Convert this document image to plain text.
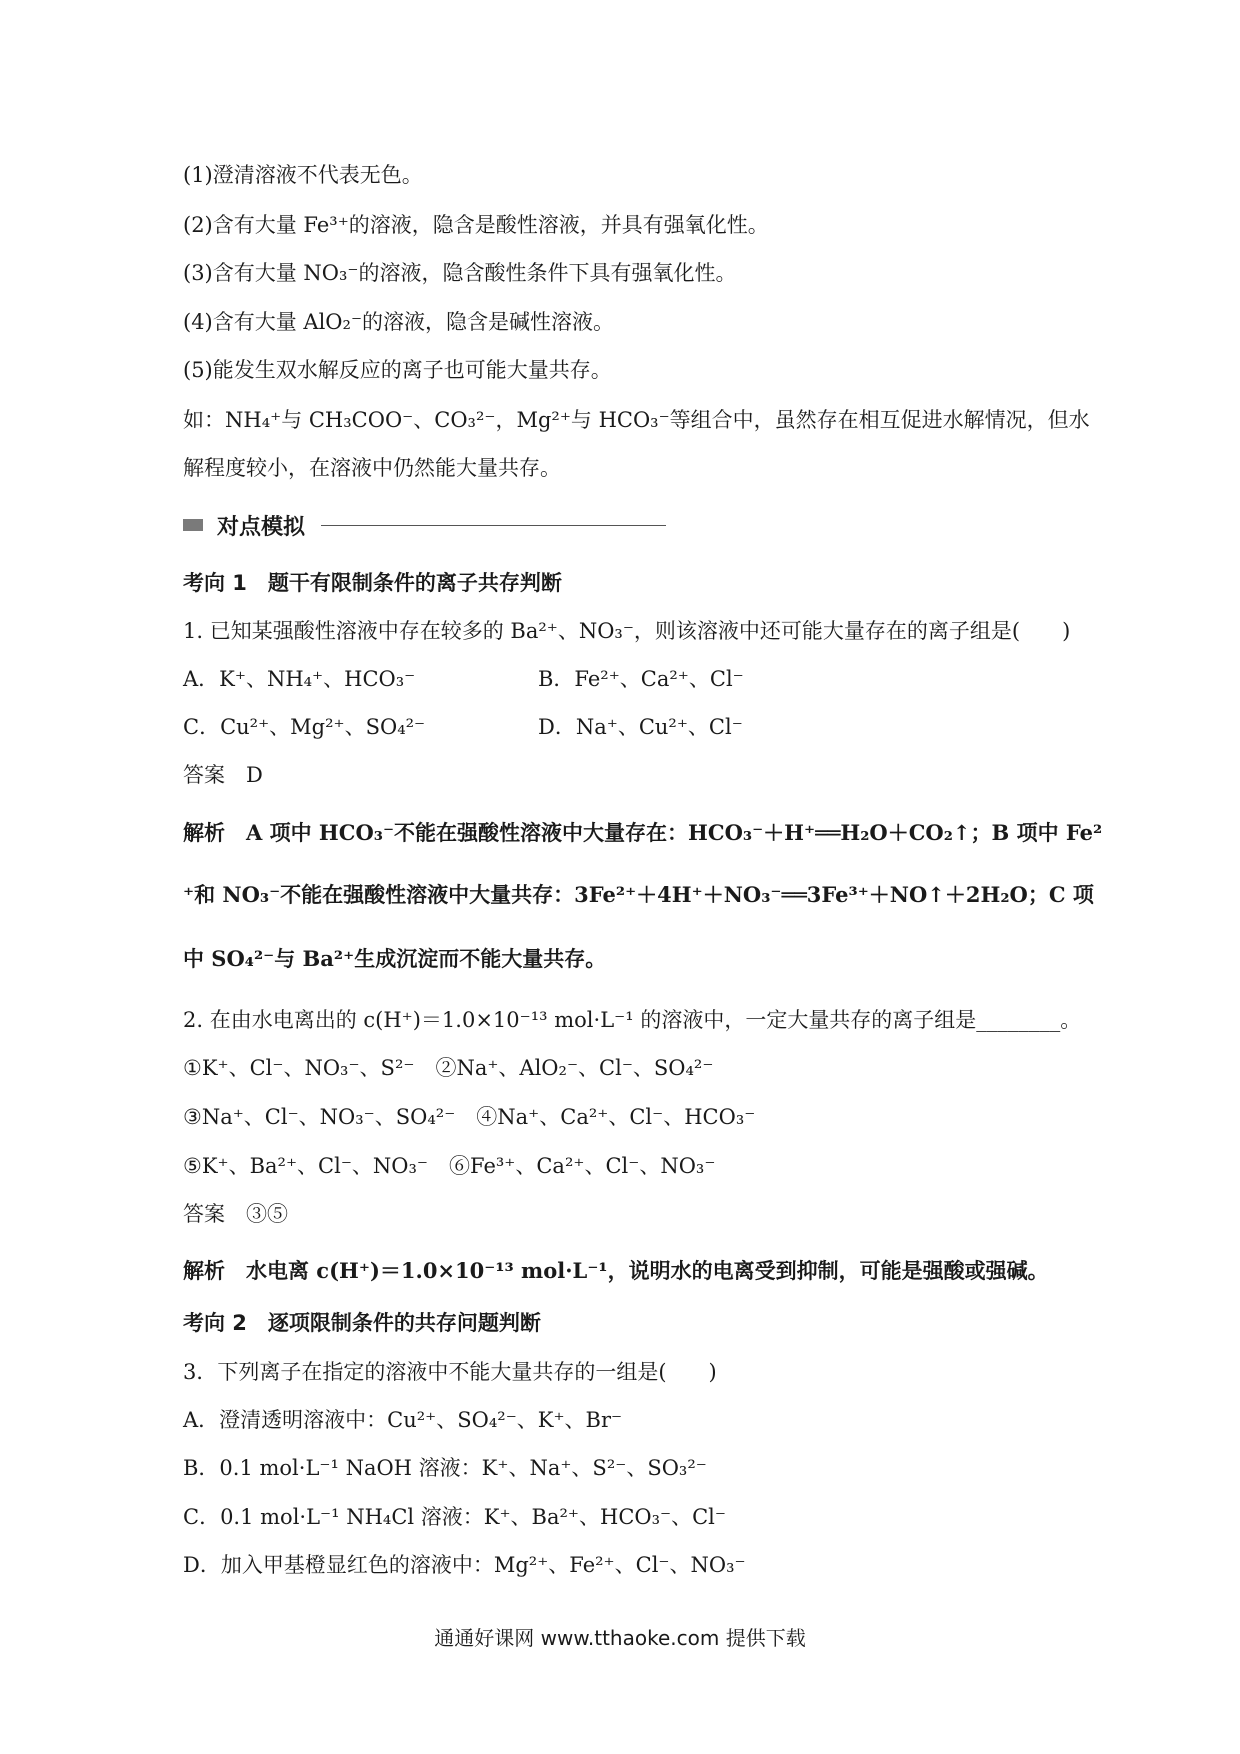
(1)澄清溶液不代表无色。
(2)含有大量 Fe³⁺的溶液，隐含是酸性溶液，并具有强氧化性。
(3)含有大量 NO₃⁻的溶液，隐含酸性条件下具有强氧化性。
(4)含有大量 AlO₂⁻的溶液，隐含是碱性溶液。
(5)能发生双水解反应的离子也可能大量共存。
如：NH₄⁺与 CH₃COO⁻、CO₃²⁻，Mg²⁺与 HCO₃⁻等组合中，虽然存在相互促进水解情况，但水
解程度较小，在溶液中仍然能大量共存。
对点模拟
考向 1　题干有限制条件的离子共存判断
1. 已知某强酸性溶液中存在较多的 Ba²⁺、NO₃⁻，则该溶液中还可能大量存在的离子组是(　　)
A．K⁺、NH₄⁺、HCO₃⁻	B．Fe²⁺、Ca²⁺、Cl⁻
C．Cu²⁺、Mg²⁺、SO₄²⁻	D．Na⁺、Cu²⁺、Cl⁻
答案　D
解析　A 项中 HCO₃⁻不能在强酸性溶液中大量存在：HCO₃⁻＋H⁺══H₂O＋CO₂↑；B 项中 Fe²
⁺和 NO₃⁻不能在强酸性溶液中大量共存：3Fe²⁺＋4H⁺＋NO₃⁻══3Fe³⁺＋NO↑＋2H₂O；C 项
中 SO₄²⁻与 Ba²⁺生成沉淀而不能大量共存。
2. 在由水电离出的 c(H⁺)＝1.0×10⁻¹³ mol·L⁻¹ 的溶液中，一定大量共存的离子组是________。
①K⁺、Cl⁻、NO₃⁻、S²⁻　②Na⁺、AlO₂⁻、Cl⁻、SO₄²⁻
③Na⁺、Cl⁻、NO₃⁻、SO₄²⁻　④Na⁺、Ca²⁺、Cl⁻、HCO₃⁻
⑤K⁺、Ba²⁺、Cl⁻、NO₃⁻　⑥Fe³⁺、Ca²⁺、Cl⁻、NO₃⁻
答案　③⑤
解析　水电离 c(H⁺)＝1.0×10⁻¹³ mol·L⁻¹，说明水的电离受到抑制，可能是强酸或强碱。
考向 2　逐项限制条件的共存问题判断
3．下列离子在指定的溶液中不能大量共存的一组是(　　)
A．澄清透明溶液中：Cu²⁺、SO₄²⁻、K⁺、Br⁻
B．0.1 mol·L⁻¹ NaOH 溶液：K⁺、Na⁺、S²⁻、SO₃²⁻
C．0.1 mol·L⁻¹ NH₄Cl 溶液：K⁺、Ba²⁺、HCO₃⁻、Cl⁻
D．加入甲基橙显红色的溶液中：Mg²⁺、Fe²⁺、Cl⁻、NO₃⁻
通通好课网 www.tthaoke.com 提供下载
